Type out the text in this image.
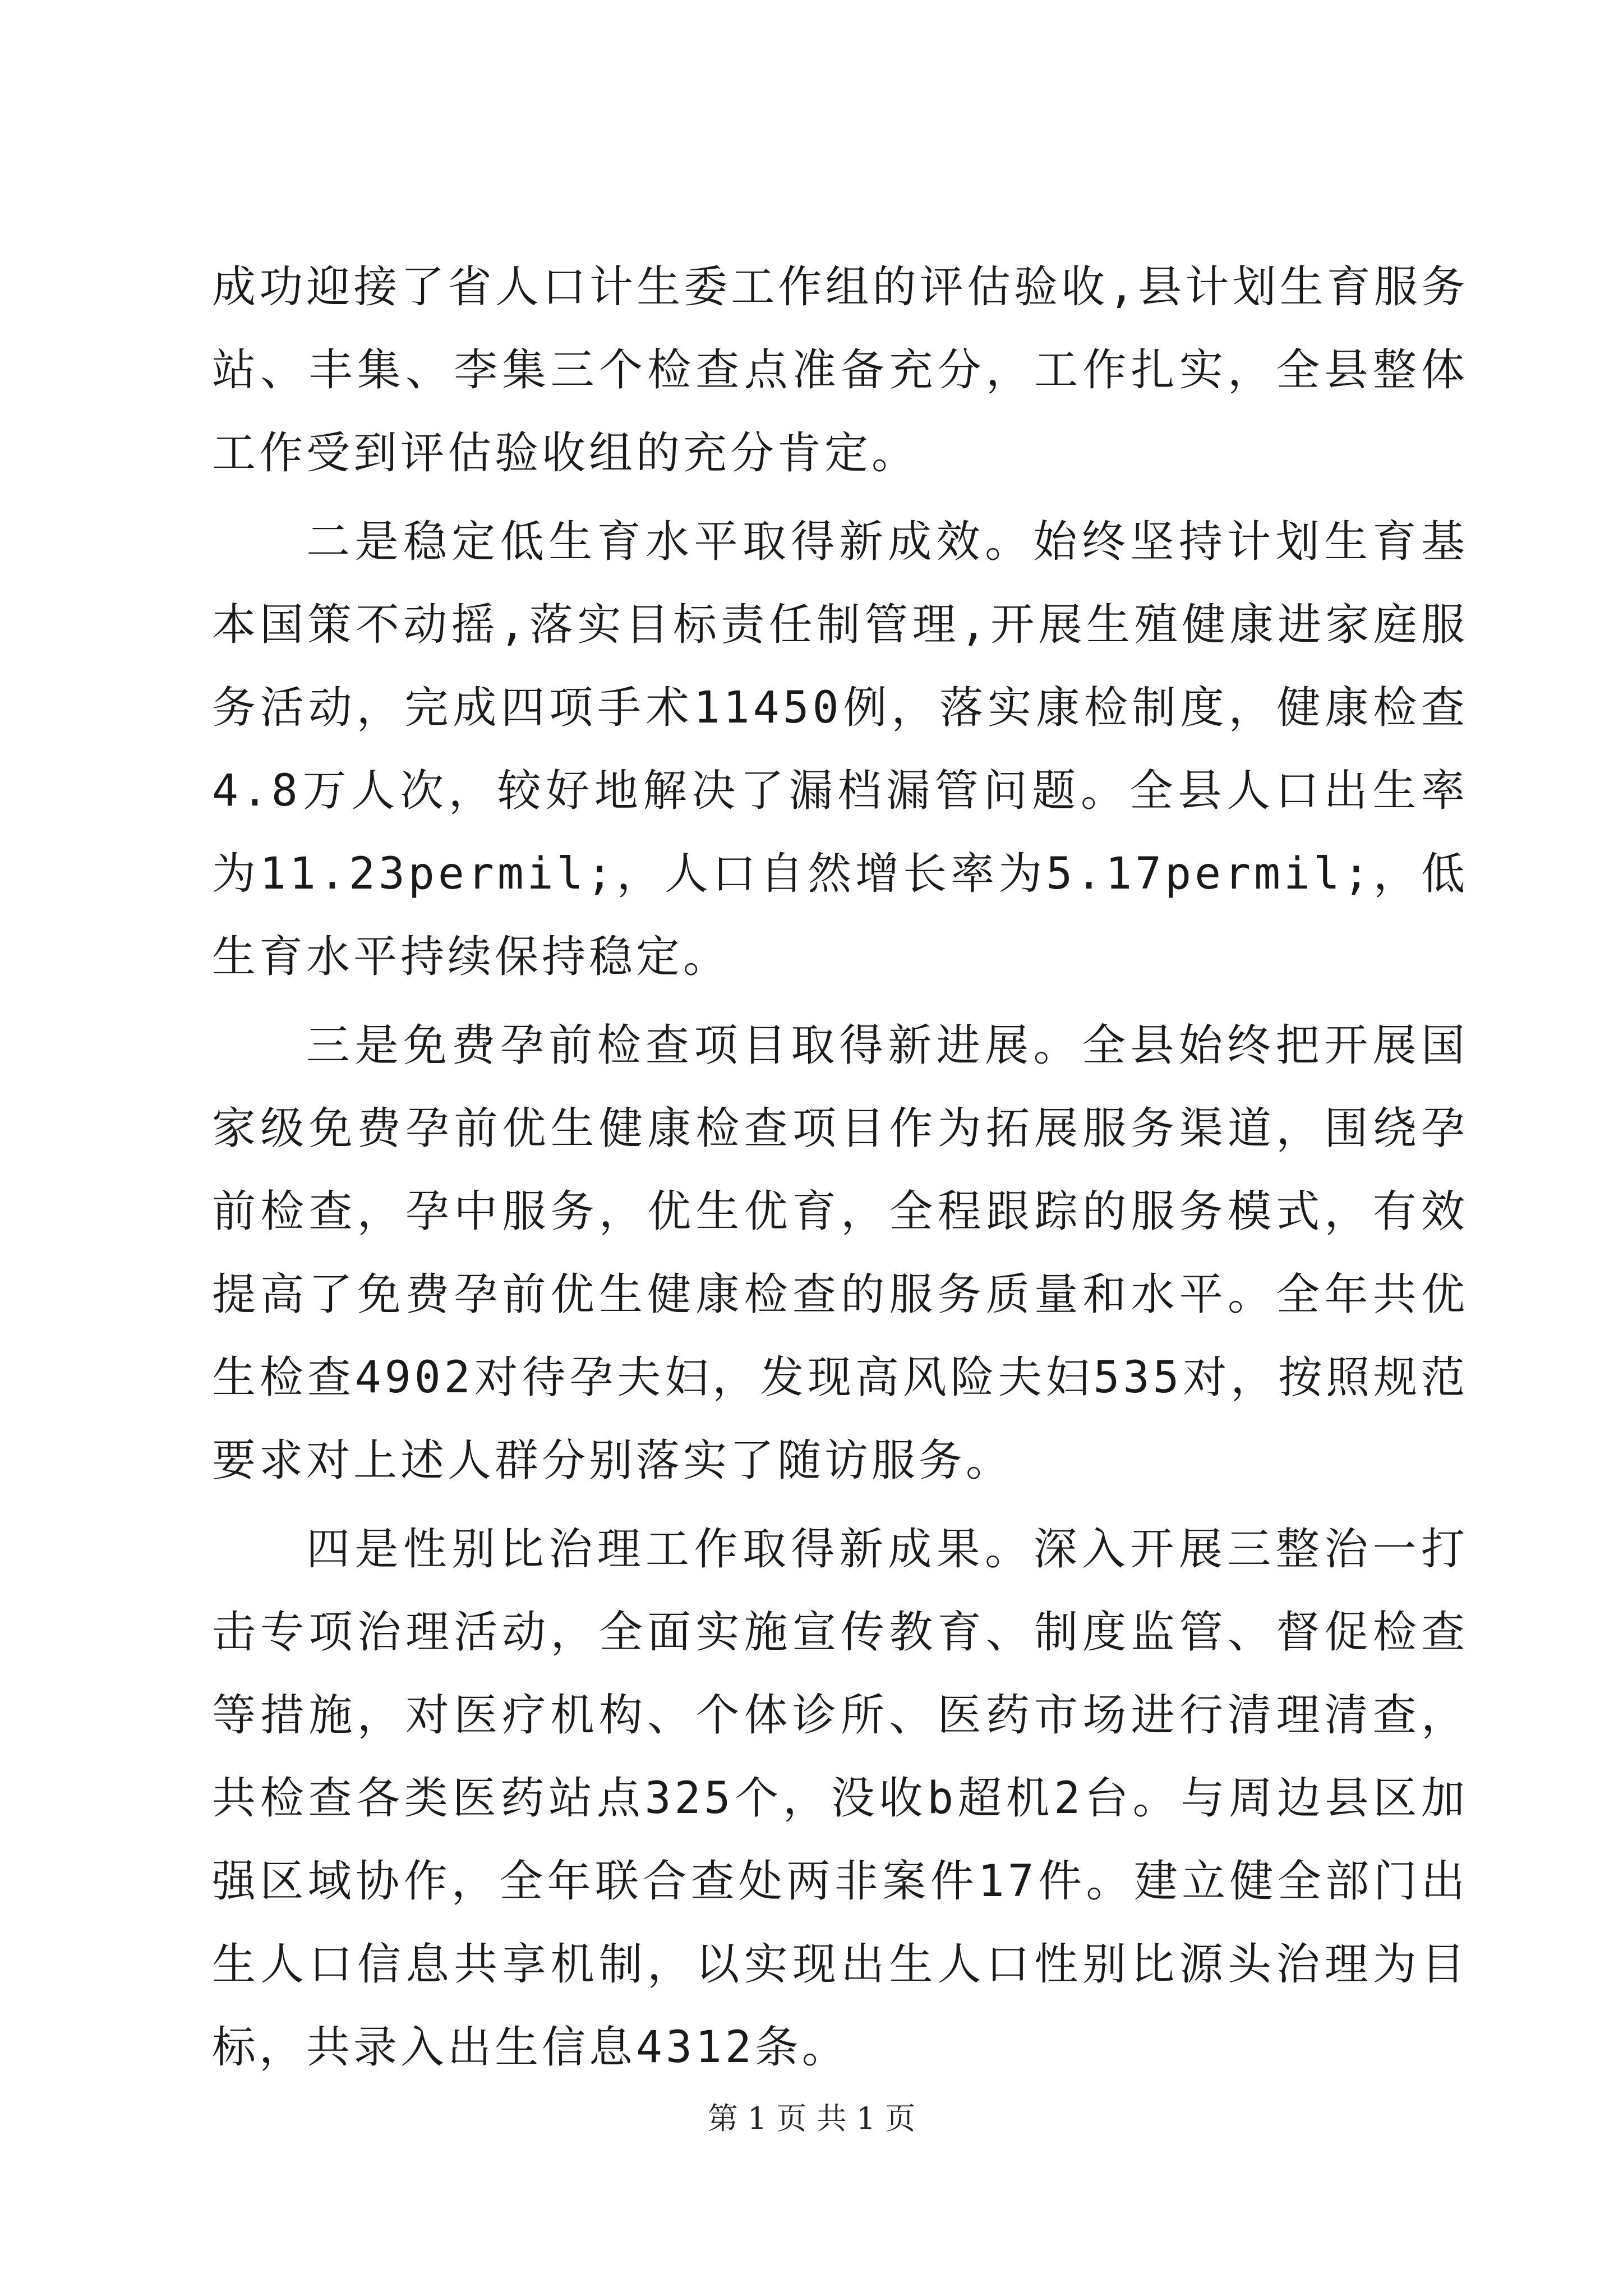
成功迎接了省人口计生委工作组的评估验收,县计划生育服务站、丰集、李集三个检查点准备充分，工作扎实，全县整体工作受到评估验收组的充分肯定。

二是稳定低生育水平取得新成效。始终坚持计划生育基本国策不动摇,落实目标责任制管理,开展生殖健康进家庭服务活动，完成四项手术11450例，落实康检制度，健康检查4.8万人次，较好地解决了漏档漏管问题。全县人口出生率为11.23permil;，人口自然增长率为5.17permil;，低生育水平持续保持稳定。

三是免费孕前检查项目取得新进展。全县始终把开展国家级免费孕前优生健康检查项目作为拓展服务渠道，围绕孕前检查，孕中服务，优生优育，全程跟踪的服务模式，有效提高了免费孕前优生健康检查的服务质量和水平。全年共优生检查4902对待孕夫妇，发现高风险夫妇535对，按照规范要求对上述人群分别落实了随访服务。

四是性别比治理工作取得新成果。深入开展三整治一打击专项治理活动，全面实施宣传教育、制度监管、督促检查等措施，对医疗机构、个体诊所、医药市场进行清理清查，共检查各类医药站点325个，没收b超机2台。与周边县区加强区域协作，全年联合查处两非案件17件。建立健全部门出生人口信息共享机制，以实现出生人口性别比源头治理为目标，共录入出生信息4312条。

第 1 页 共 1 页
